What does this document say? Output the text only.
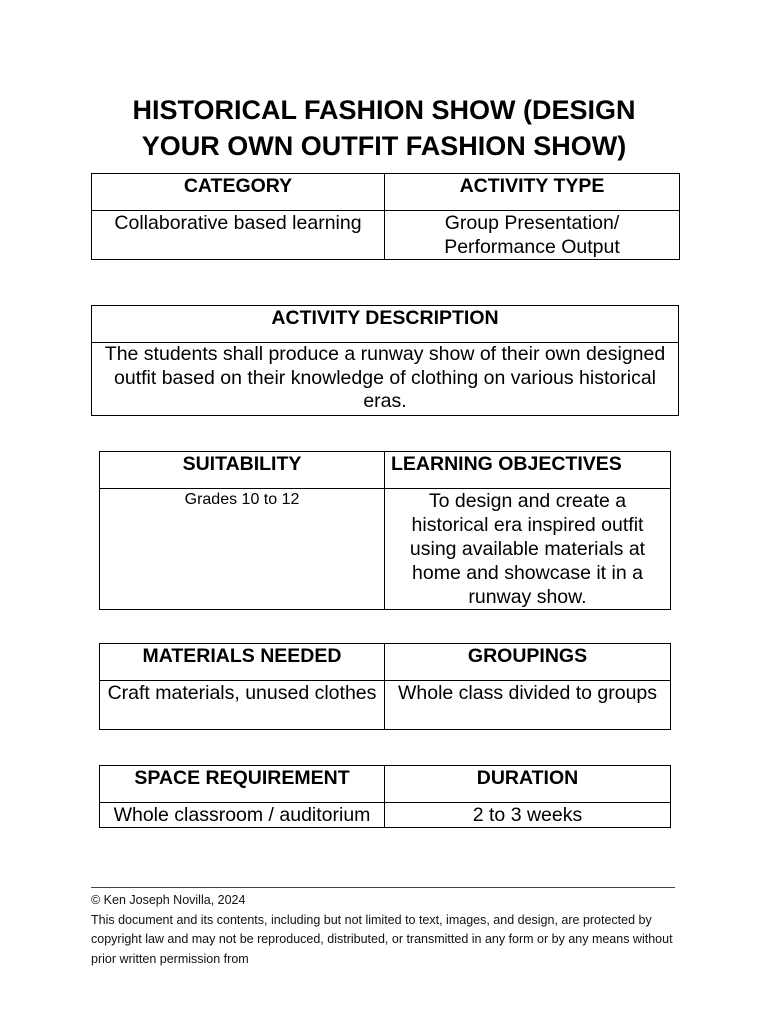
HISTORICAL FASHION SHOW (DESIGN
YOUR OWN OUTFIT FASHION SHOW)
CATEGORY	ACTIVITY TYPE
Collaborative based learning	Group Presentation/
Performance Output
ACTIVITY DESCRIPTION
The students shall produce a runway show of their own designed outfit based on their knowledge of clothing on various historical eras.
SUITABILITY	LEARNING OBJECTIVES
Grades 10 to 12	To design and create a historical era inspired outfit using available materials at home and showcase it in a runway show.
MATERIALS NEEDED	GROUPINGS
Craft materials, unused clothes	Whole class divided to groups
SPACE REQUIREMENT	DURATION
Whole classroom / auditorium	2 to 3 weeks

© Ken Joseph Novilla, 2024

This document and its contents, including but not limited to text, images, and design, are protected by copyright law and may not be reproduced, distributed, or transmitted in any form or by any means without prior written permission from
